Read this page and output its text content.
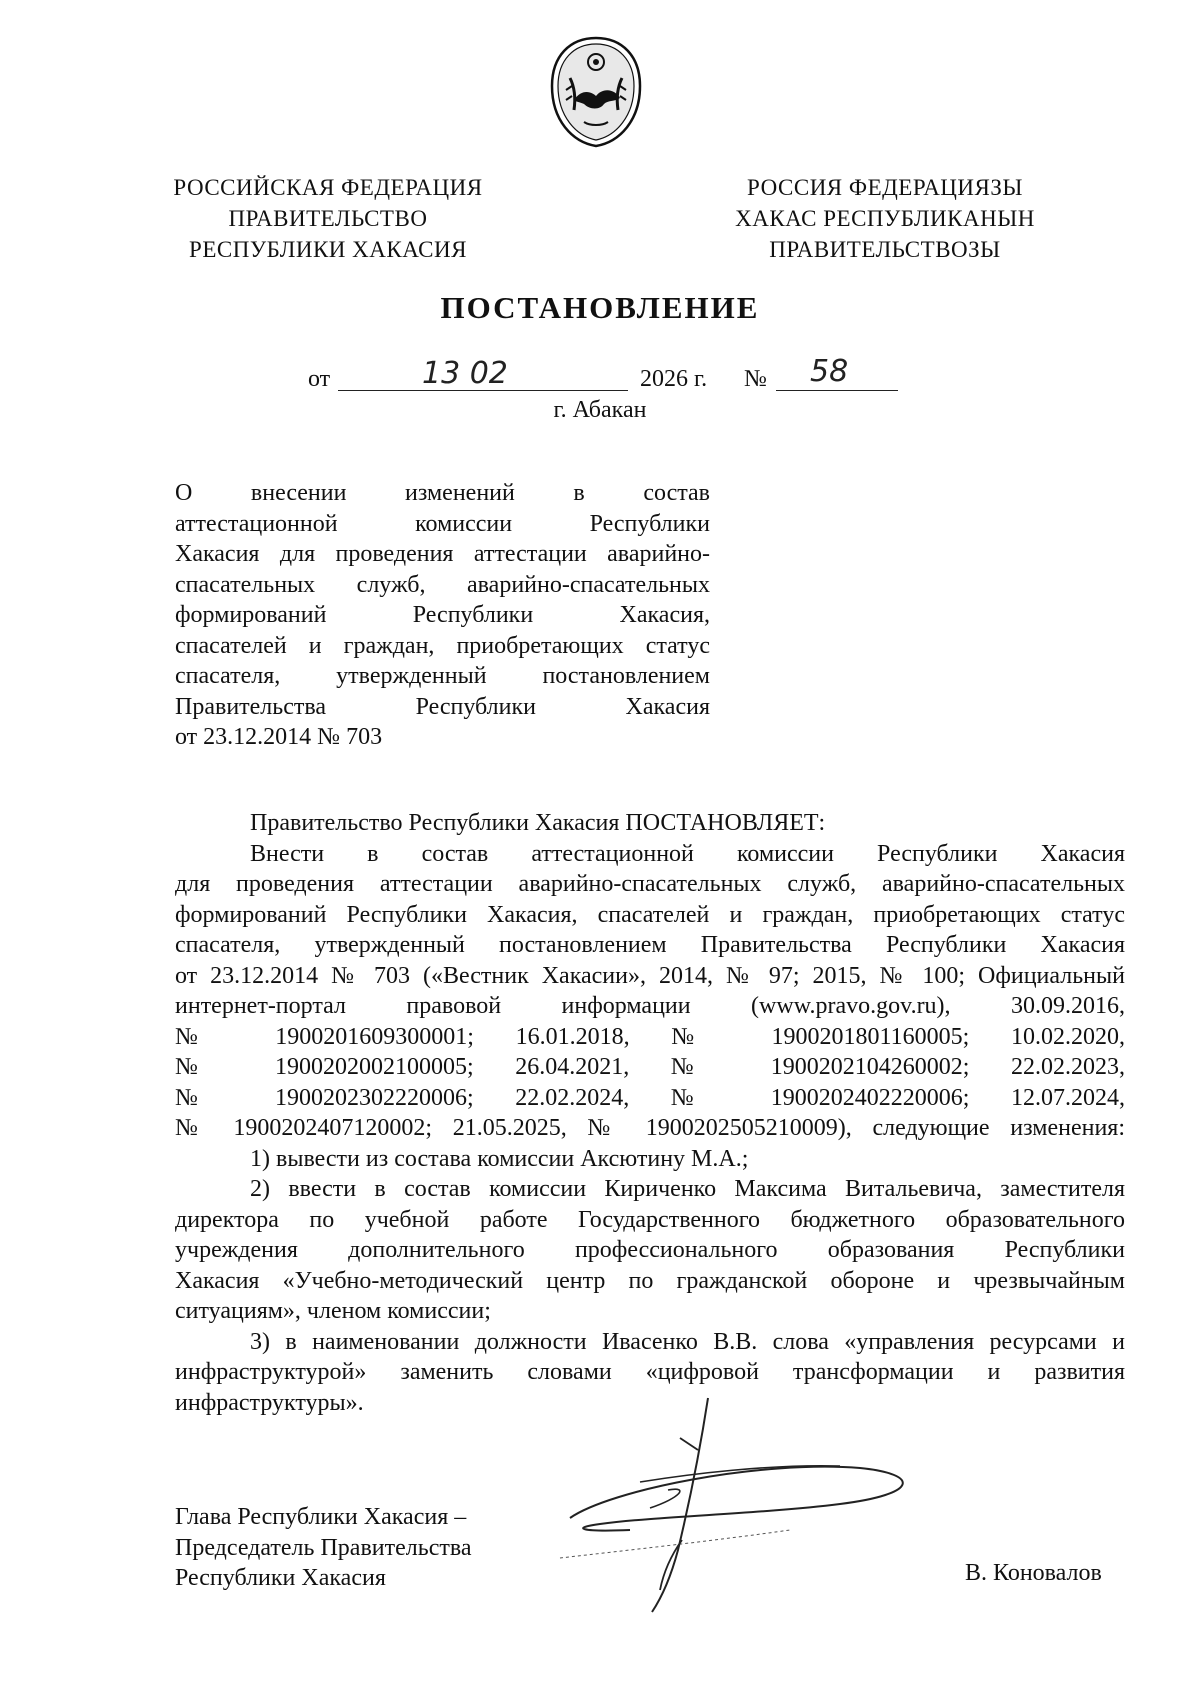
РОССИЙСКАЯ ФЕДЕРАЦИЯ
ПРАВИТЕЛЬСТВО
РЕСПУБЛИКИ ХАКАСИЯ
РОССИЯ ФЕДЕРАЦИЯЗЫ
ХАКАС РЕСПУБЛИКАНЫН
ПРАВИТЕЛЬСТВОЗЫ
ПОСТАНОВЛЕНИЕ
от	13 02	2026 г. № 58
г. Абакан
О внесении изменений в состав
аттестационной комиссии Республики
Хакасия для проведения аттестации аварийно-
спасательных служб, аварийно-спасательных
формирований Республики Хакасия,
спасателей и граждан, приобретающих статус
спасателя, утвержденный постановлением
Правительства Республики Хакасия
от 23.12.2014 № 703
Правительство Республики Хакасия ПОСТАНОВЛЯЕТ:
Внести в состав аттестационной комиссии Республики Хакасия
для проведения аттестации аварийно-спасательных служб, аварийно-спасательных
формирований Республики Хакасия, спасателей и граждан, приобретающих статус
спасателя, утвержденный постановлением Правительства Республики Хакасия
от 23.12.2014 № 703 («Вестник Хакасии», 2014, № 97; 2015, № 100; Официальный
интернет-портал правовой информации (www.pravo.gov.ru), 30.09.2016,
№ 1900201609300001; 16.01.2018, № 1900201801160005; 10.02.2020,
№ 1900202002100005; 26.04.2021, № 1900202104260002; 22.02.2023,
№ 1900202302220006; 22.02.2024, № 1900202402220006; 12.07.2024,
№ 1900202407120002; 21.05.2025, № 1900202505210009), следующие изменения:
1) вывести из состава комиссии Аксютину М.А.;
2) ввести в состав комиссии Кириченко Максима Витальевича, заместителя
директора по учебной работе Государственного бюджетного образовательного
учреждения дополнительного профессионального образования Республики
Хакасия «Учебно-методический центр по гражданской обороне и чрезвычайным
ситуациям», членом комиссии;
3) в наименовании должности Ивасенко В.В. слова «управления ресурсами и
инфраструктурой» заменить словами «цифровой трансформации и развития
инфраструктуры».
Глава Республики Хакасия –
Председатель Правительства
Республики Хакасия	В. Коновалов
